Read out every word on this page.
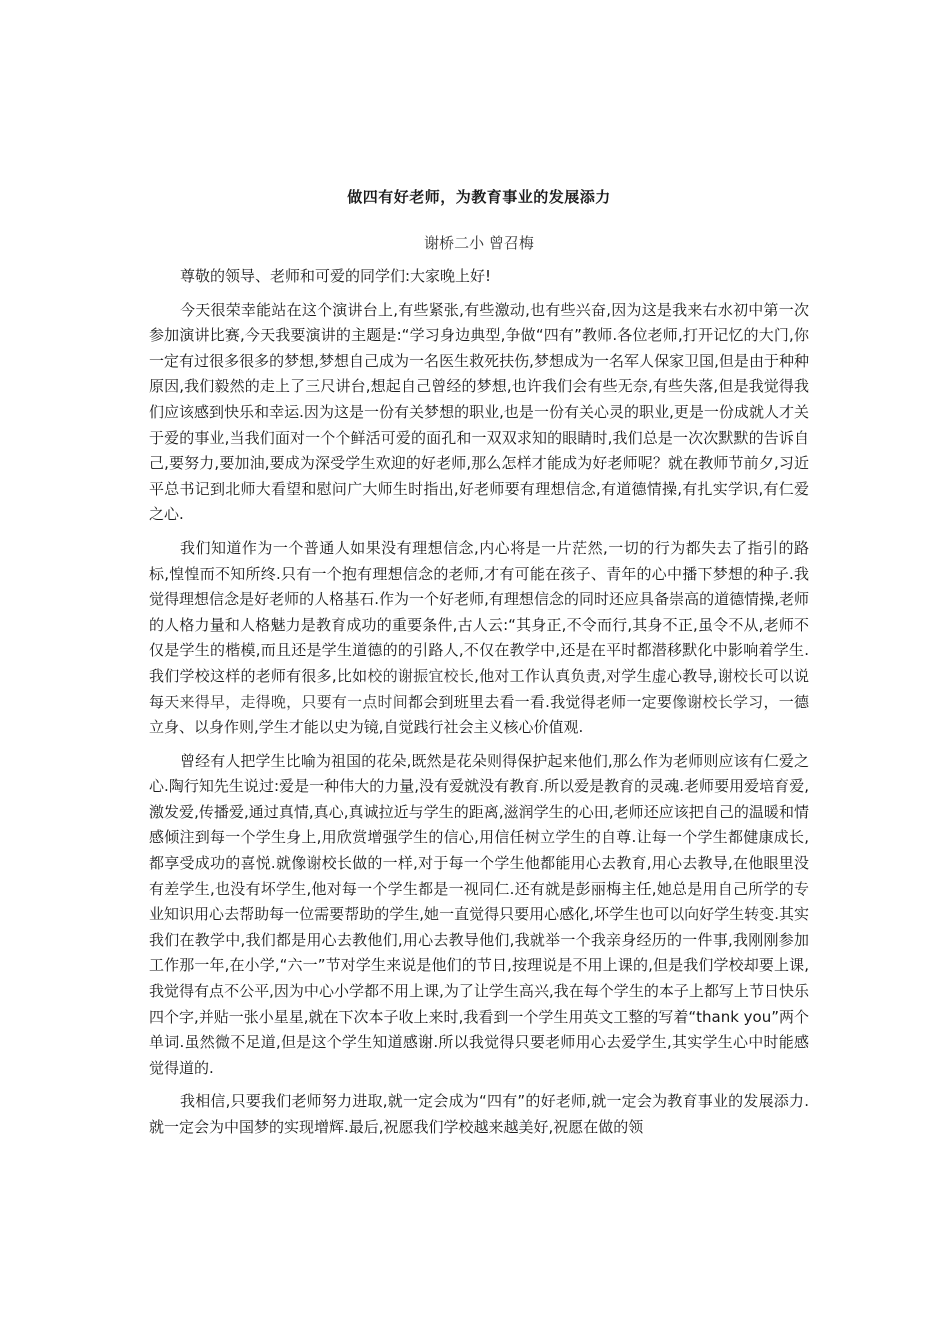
做四有好老师，为教育事业的发展添力
谢桥二小 曾召梅

尊敬的领导、老师和可爱的同学们:大家晚上好!

今天很荣幸能站在这个演讲台上,有些紧张,有些激动,也有些兴奋,因为这是我来右水初中第一次参加演讲比赛,今天我要演讲的主题是:“学习身边典型,争做“四有”教师.各位老师,打开记忆的大门,你一定有过很多很多的梦想,梦想自己成为一名医生救死扶伤,梦想成为一名军人保家卫国,但是由于种种原因,我们毅然的走上了三尺讲台,想起自己曾经的梦想,也许我们会有些无奈,有些失落,但是我觉得我们应该感到快乐和幸运.因为这是一份有关梦想的职业,也是一份有关心灵的职业,更是一份成就人才关于爱的事业,当我们面对一个个鲜活可爱的面孔和一双双求知的眼睛时,我们总是一次次默默的告诉自己,要努力,要加油,要成为深受学生欢迎的好老师,那么怎样才能成为好老师呢？就在教师节前夕,习近平总书记到北师大看望和慰问广大师生时指出,好老师要有理想信念,有道德情操,有扎实学识,有仁爱之心.

我们知道作为一个普通人如果没有理想信念,内心将是一片茫然,一切的行为都失去了指引的路标,惶惶而不知所终.只有一个抱有理想信念的老师,才有可能在孩子、青年的心中播下梦想的种子.我觉得理想信念是好老师的人格基石.作为一个好老师,有理想信念的同时还应具备崇高的道德情操,老师的人格力量和人格魅力是教育成功的重要条件,古人云:“其身正,不令而行,其身不正,虽令不从,老师不仅是学生的楷模,而且还是学生道德的的引路人,不仅在教学中,还是在平时都潜移默化中影响着学生.我们学校这样的老师有很多,比如校的谢振宜校长,他对工作认真负责,对学生虚心教导,谢校长可以说每天来得早，走得晚，只要有一点时间都会到班里去看一看.我觉得老师一定要像谢校长学习，一德立身、以身作则,学生才能以史为镜,自觉践行社会主义核心价值观.

曾经有人把学生比喻为祖国的花朵,既然是花朵则得保护起来他们,那么作为老师则应该有仁爱之心.陶行知先生说过:爱是一种伟大的力量,没有爱就没有教育.所以爱是教育的灵魂.老师要用爱培育爱,激发爱,传播爱,通过真情,真心,真诚拉近与学生的距离,滋润学生的心田,老师还应该把自己的温暖和情感倾注到每一个学生身上,用欣赏增强学生的信心,用信任树立学生的自尊.让每一个学生都健康成长,都享受成功的喜悦.就像谢校长做的一样,对于每一个学生他都能用心去教育,用心去教导,在他眼里没有差学生,也没有坏学生,他对每一个学生都是一视同仁.还有就是彭丽梅主任,她总是用自己所学的专业知识用心去帮助每一位需要帮助的学生,她一直觉得只要用心感化,坏学生也可以向好学生转变.其实我们在教学中,我们都是用心去教他们,用心去教导他们,我就举一个我亲身经历的一件事,我刚刚参加工作那一年,在小学,“六一”节对学生来说是他们的节日,按理说是不用上课的,但是我们学校却要上课,我觉得有点不公平,因为中心小学都不用上课,为了让学生高兴,我在每个学生的本子上都写上节日快乐四个字,并贴一张小星星,就在下次本子收上来时,我看到一个学生用英文工整的写着“thank you”两个单词.虽然微不足道,但是这个学生知道感谢.所以我觉得只要老师用心去爱学生,其实学生心中时能感觉得道的.

我相信,只要我们老师努力进取,就一定会成为“四有”的好老师,就一定会为教育事业的发展添力.就一定会为中国梦的实现增辉.最后,祝愿我们学校越来越美好,祝愿在做的领
